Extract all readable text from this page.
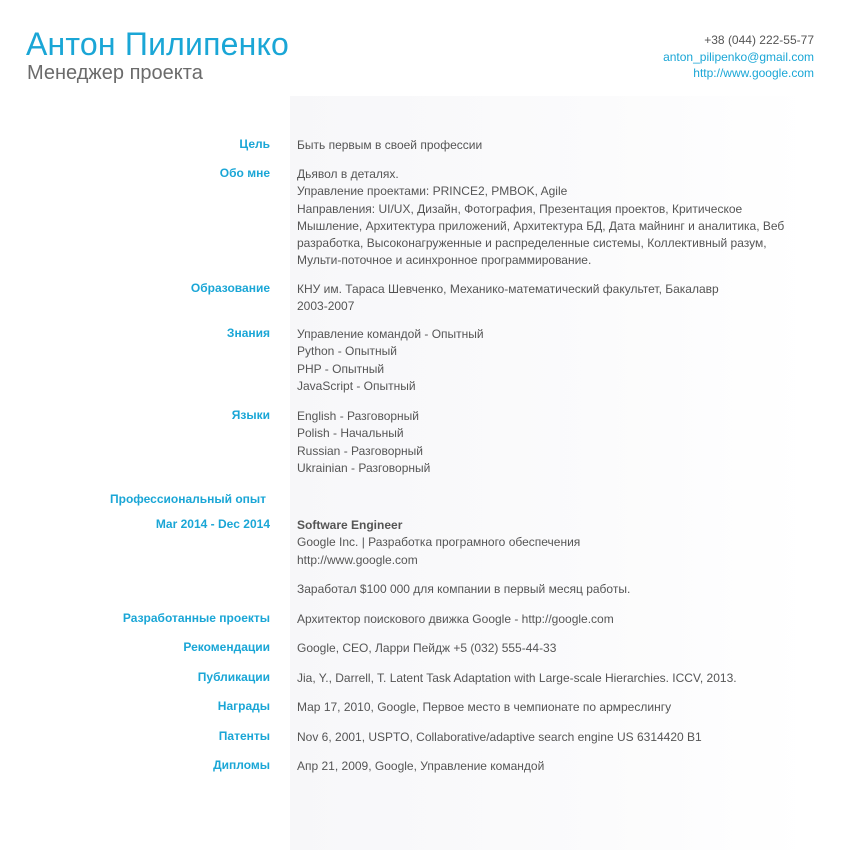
Антон Пилипенко
Менеджер проекта
+38 (044) 222-55-77
anton_pilipenko@gmail.com
http://www.google.com
Цель Быть первым в своей профессии
Обо мне Дьявол в деталях.
Управление проектами: PRINCE2, PMBOK, Agile
Направления: UI/UX, Дизайн, Фотография, Презентация проектов, Критическое Мышление, Архитектура приложений, Архитектура БД, Дата майнинг и аналитика, Веб разработка, Высоконагруженные и распределенные системы, Коллективный разум, Мульти-поточное и асинхронное программирование.
Образование КНУ им. Тараса Шевченко, Механико-математический факультет, Бакалавр
2003-2007
Знания Управление командой - Опытный
Python - Опытный
PHP - Опытный
JavaScript - Опытный
Языки English - Разговорный
Polish - Начальный
Russian - Разговорный
Ukrainian - Разговорный
Профессиональный опыт
Mar 2014 - Dec 2014 Software Engineer
Google Inc. | Разработка програмного обеспечения
http://www.google.com
Заработал $100 000 для компании в первый месяц работы.
Разработанные проекты Архитектор поискового движка Google - http://google.com
Рекомендации Google, CEO, Ларри Пейдж +5 (032) 555-44-33
Публикации Jia, Y., Darrell, T. Latent Task Adaptation with Large-scale Hierarchies. ICCV, 2013.
Награды Мар 17, 2010, Google, Первое место в чемпионате по армреслингу
Патенты Nov 6, 2001, USPTO, Collaborative/adaptive search engine US 6314420 B1
Дипломы Апр 21, 2009, Google, Управление командой
